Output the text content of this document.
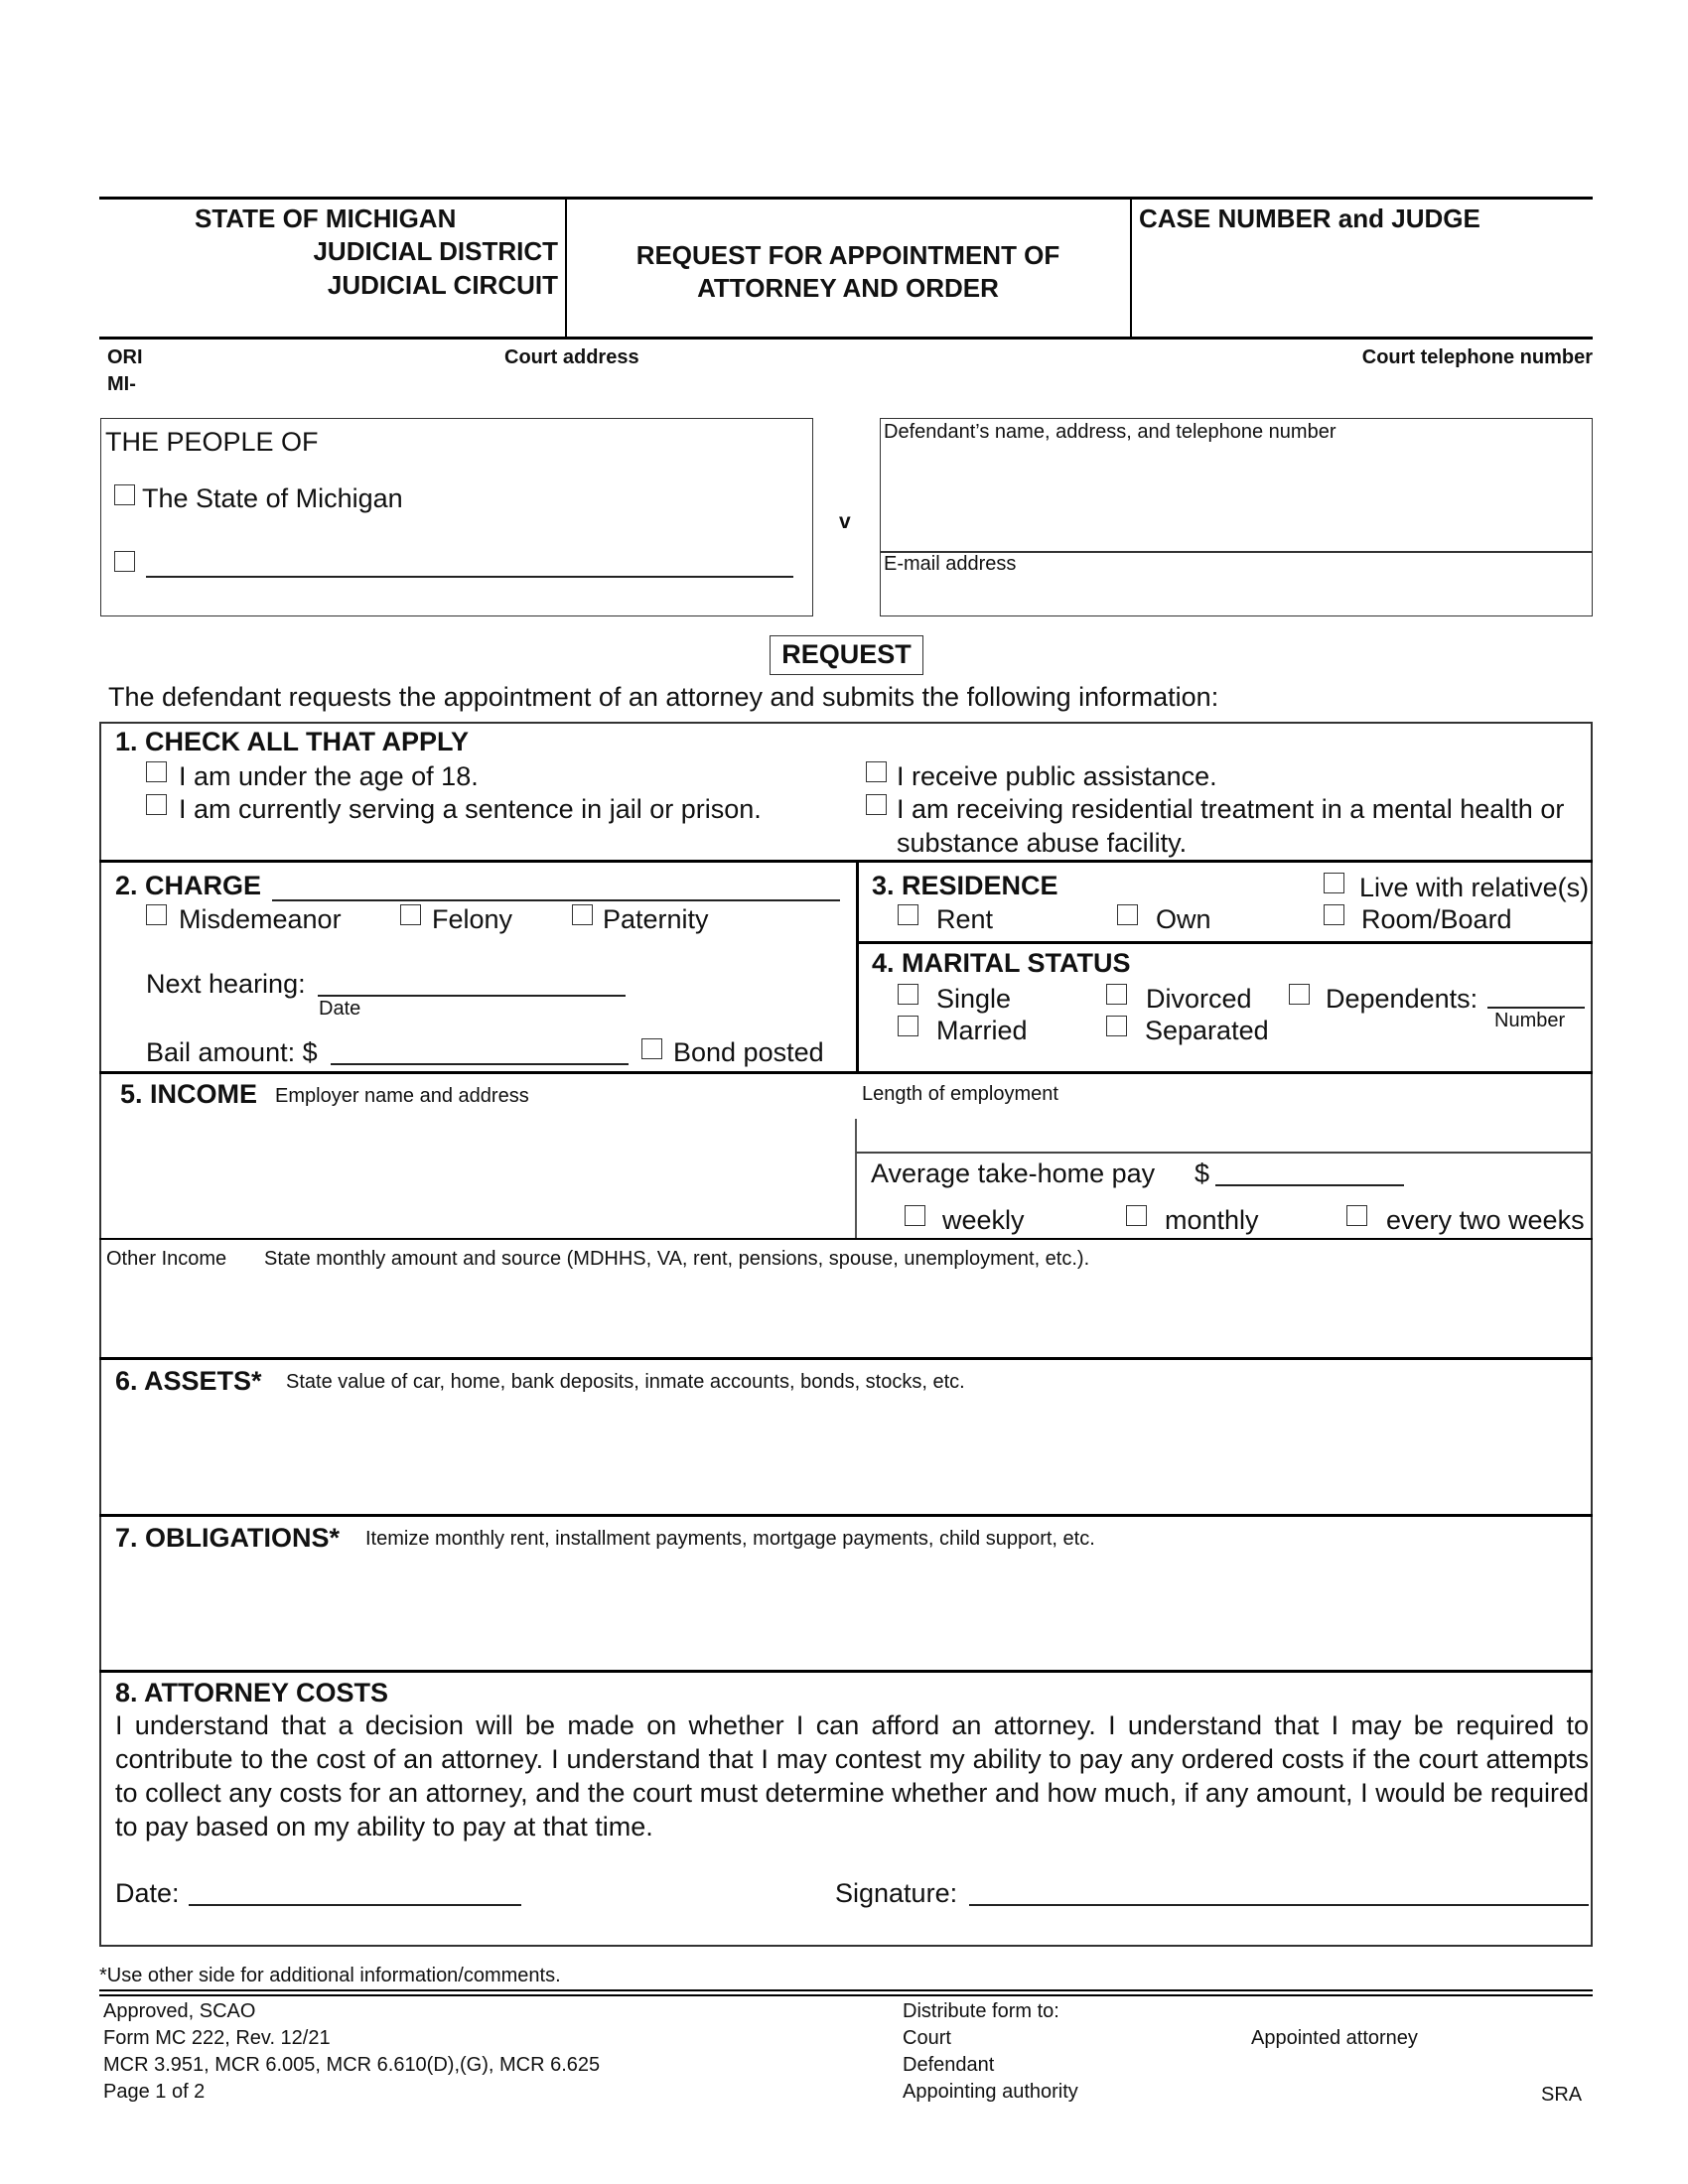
STATE OF MICHIGAN
JUDICIAL DISTRICT
JUDICIAL CIRCUIT
REQUEST FOR APPOINTMENT OF
ATTORNEY AND ORDER
CASE NUMBER and JUDGE
ORI
MI-
Court address	Court telephone number
THE PEOPLE OF
The State of Michigan
v
Defendant’s name, address, and telephone number
E-mail address
REQUEST
The defendant requests the appointment of an attorney and submits the following information:
1. CHECK ALL THAT APPLY
I am under the age of 18.
I am currently serving a sentence in jail or prison.
I receive public assistance.
I am receiving residential treatment in a mental health or
substance abuse facility.
2. CHARGE
Misdemeanor	Felony	Paternity
Next hearing:
Date
Bail amount: $	Bond posted
3. RESIDENCE	Live with relative(s)
Rent	Own	Room/Board
4. MARITAL STATUS
Single
Married
Divorced
Separated
Dependents:
Number
5. INCOME Employer name and address	Length of employment
Average take-home pay $
weekly	monthly	every two weeks
Other Income State monthly amount and source (MDHHS, VA, rent, pensions, spouse, unemployment, etc.).
6. ASSETS* State value of car, home, bank deposits, inmate accounts, bonds, stocks, etc.
7. OBLIGATIONS* Itemize monthly rent, installment payments, mortgage payments, child support, etc.
8. ATTORNEY COSTS
I understand that a decision will be made on whether I can afford an attorney. I understand that I may be required to contribute to the cost of an attorney. I understand that I may contest my ability to pay any ordered costs if the court attempts to collect any costs for an attorney, and the court must determine whether and how much, if any amount, I would be required to pay based on my ability to pay at that time.
Date:	Signature:
*Use other side for additional information/comments.
Approved, SCAO
Form MC 222, Rev. 12/21
MCR 3.951, MCR 6.005, MCR 6.610(D),(G), MCR 6.625
Page 1 of 2
Distribute form to:
Court
Defendant
Appointing authority
Appointed attorney
SRA
